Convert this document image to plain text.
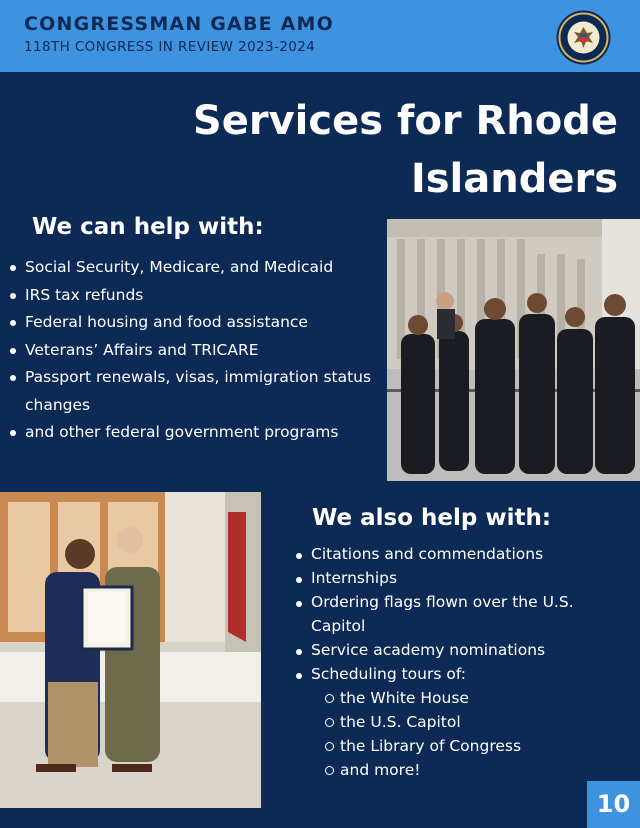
CONGRESSMAN GABE AMO
118TH CONGRESS IN REVIEW 2023-2024
Services for Rhode
Islanders
We can help with:
Social Security, Medicare, and Medicaid
IRS tax refunds
Federal housing and food assistance
Veterans’ Affairs and TRICARE
Passport renewals, visas, immigration status changes
and other federal government programs
We also help with:
Citations and commendations
Internships
Ordering flags flown over the U.S. Capitol
Service academy nominations
Scheduling tours of:
the White House
the U.S. Capitol
the Library of Congress
and more!
10
